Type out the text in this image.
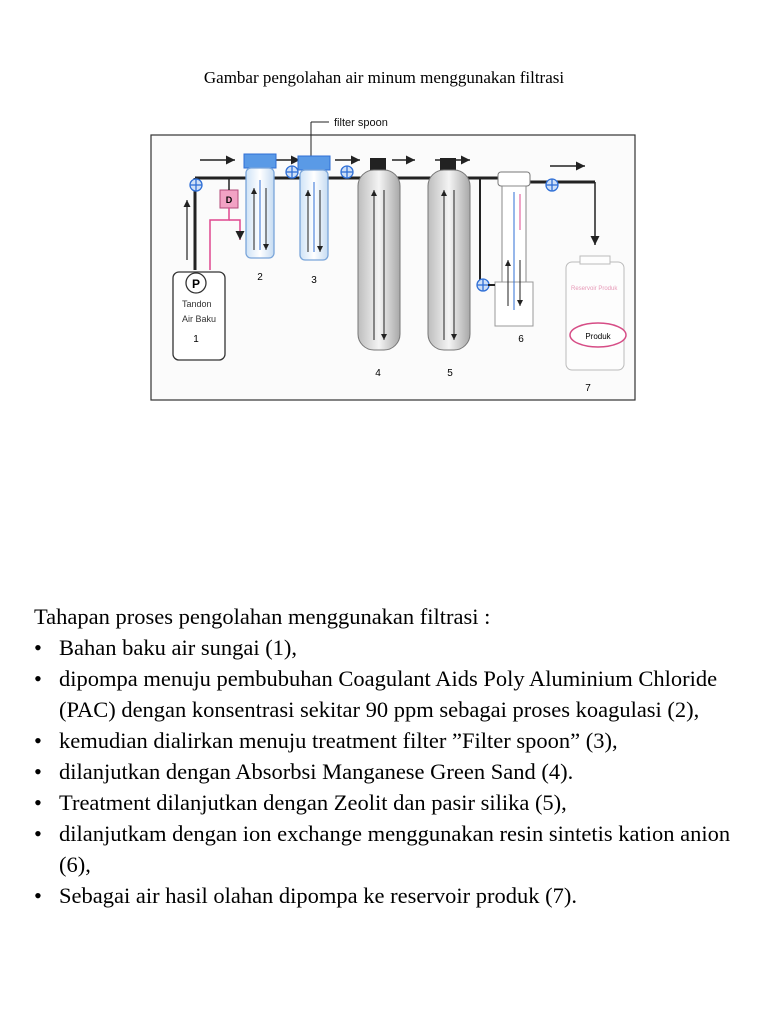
Gambar pengolahan air minum menggunakan filtrasi
filter spoon
P
Tandon
Air Baku
1
D
2	3
4	5
6
Reservoir Produk
Produk
7

Tahapan proses pengolahan menggunakan filtrasi :

• Bahan baku air sungai (1),
• dipompa menuju pembubuhan Coagulant Aids Poly Aluminium Chloride (PAC) dengan konsentrasi sekitar 90 ppm sebagai proses koagulasi (2),
• kemudian dialirkan menuju treatment filter ”Filter spoon” (3),
• dilanjutkan dengan Absorbsi Manganese Green Sand (4).
• Treatment dilanjutkan dengan Zeolit dan pasir silika (5),
• dilanjutkam dengan ion exchange menggunakan resin sintetis kation anion (6),
• Sebagai air hasil olahan dipompa ke reservoir produk (7).
